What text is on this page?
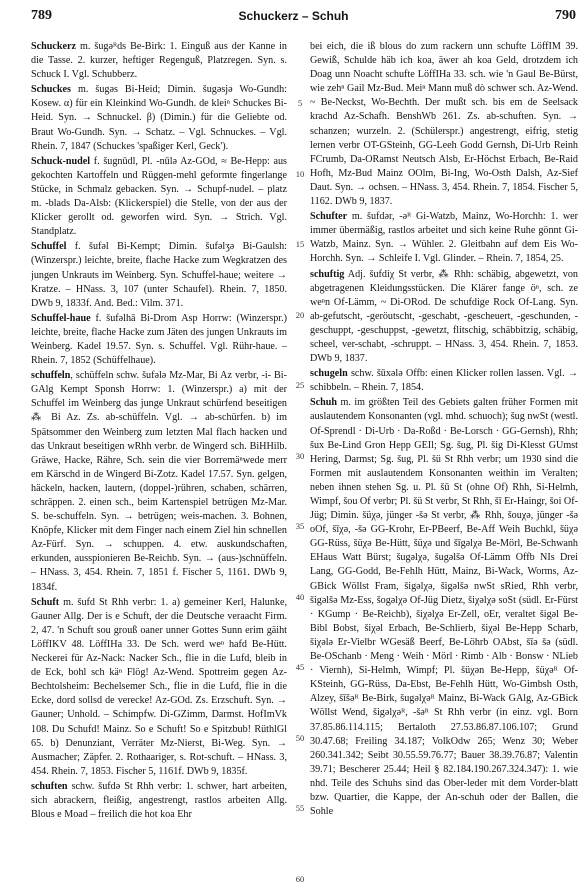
789	Schuckerz – Schuh	790

Schuckerz m. šugəᴿds Be-Birk: 1. Einguß aus der Kanne in die Tasse. 2. kurzer, heftiger Regenguß, Platzregen. Syn. s. Schuck I. Vgl. Schubberz.

Schuckes m. šugəs Bi-Heid; Dimin. šugəsjə Wo-Gundh: Kosew. α) für ein Kleinkind Wo-Gundh. de kleiⁿ Schuckes Bi-Heid. Syn. → Schnuckel. β) (Dimin.) für die Geliebte od. Braut Wo-Gundh. Syn. → Schatz. – Vgl. Schnuckes. – Vgl. Rhein. 7, 1847 (Schuckes 'spaßiger Kerl, Geck').

Schuck-nudel f. šugnūdl, Pl. -nūlə Az-GOd, ≈ Be-Hepp: aus gekochten Kartoffeln und Rüggen-mehl geformte fingerlange Stücke, in Schmalz gebacken. Syn. → Schupf-nudel. – platz m. -blads Da-Alsb: (Klickerspiel) die Stelle, von der aus der Klicker gerollt od. geworfen wird. Syn. → Strich. Vgl. Standplatz.

Schuffel f. šufəl Bi-Kempt; Dimin. šufəlʒə Bi-Gaulsh: (Winzerspr.) leichte, breite, flache Hacke zum Wegkratzen des jungen Unkrauts im Weinberg. Syn. Schuffel-haue; weitere → Kratze. – HNass. 3, 107 (unter Schaufel). Rhein. 7, 1850. DWb 9, 1833f. And. Bed.: Vilm. 371.

Schuffel-haue f. šufəlhā Bi-Drom Asp Horrw: (Winzerspr.) leichte, breite, flache Hacke zum Jäten des jungen Unkrauts im Weinberg. Kadel 19.57. Syn. s. Schuffel. Vgl. Rühr-haue. – Rhein. 7, 1852 (Schüffelhaue).

schuffeln, schüffeln schw. šufələ Mz-Mar, Bi Az verbr, -i- Bi-GAlg Kempt Sponsh Horrw: 1. (Winzerspr.) a) mit der Schuffel im Weinberg das junge Unkraut schürfend beseitigen ⁂ Bi Az. Zs. ab-schüffeln. Vgl. → ab-schürfen. b) im Spätsommer den Weinberg zum letzten Mal flach hacken und das Unkraut beseitigen wRhh verbr. de Wingerd sch. BiHHilb. Gräwe, Hacke, Rähre, Sch. sein die vier Borremäⁿwede merr em Kärschd in de Wingerd Bi-Zotz. Kadel 17.57. Syn. gelgen, häckeln, hacken, lautern, (doppel-)rühren, schaben, schärren, schräppen. 2. einen sch., beim Kartenspiel betrügen Mz-Mar. S. be-schuffeln. Syn. → betrügen; weis-machen. 3. Bohnen, Knöpfe, Klicker mit dem Finger nach einem Ziel hin schnellen Az-Fürf. Syn. → schuppen. 4. etw. auskundschaften, erkunden, ausspionieren Be-Reichb. Syn. → (aus-)schnüffeln. – HNass. 3, 454. Rhein. 7, 1851 f. Fischer 5, 1161. DWb 9, 1834f.

Schuft m. šufd St Rhh verbr: 1. a) gemeiner Kerl, Halunke, Gauner Allg. Der is e Schuft, der die Deutsche veraacht Firm. 2, 47. 'n Schuft sou grouß oaner unner Gottes Sunn erim gäiht LöffIKV 48. LöffIHa 33. De Sch. werd weⁿ hafd Be-Hütt. Neckerei für Az-Nack: Nacker Sch., flie in die Lufd, bleib in de Eck, bohl sch käⁿ Flög! Az-Wend. Spottreim gegen Az-Bechtolsheim: Bechelsemer Sch., flie in die Lufd, flie in die Ecke, dord sollsd de verecke! Az-GOd. Zs. Erzschuft. Syn. → Gauner; Unhold. – Schimpfw. Di-GZimm, Darmst. HofImVk 108. Du Schufd! Mainz. So e Schuft! So e Spitzbub! RüthlGl 65. b) Denunziant, Verräter Mz-Nierst, Bi-Weg. Syn. → Ausmacher; Zäpfer. 2. Rothaariger, s. Rot-schuft. – HNass. 3, 454. Rhein. 7, 1853. Fischer 5, 1161f. DWb 9, 1835f.

schuften schw. šufdə St Rhh verbr: 1. schwer, hart arbeiten, sich abrackern, fleißig, angestrengt, rastlos arbeiten Allg. Blous e Moad – freilich die hot koa Ehr

bei eich, die iß blous do zum rackern unn schufte LöffIM 39. Gewiß, Schulde häb ich koa, äwer ah koa Geld, drotzdem ich Doag unn Noacht schufte LöffIHa 33. sch. wie 'n Gaul Be-Bürst, wie zehⁿ Gail Mz-Bud. Meiⁿ Mann muß dò schwer sch. Az-Wend. ~ Be-Neckst, Wo-Bechth. Der mußt sch. bis em de Seelsack krachd Az-Schafh. BenshWb 261. Zs. ab-schuften. Syn. → schanzen; wurzeln. 2. (Schülerspr.) angestrengt, eifrig, stetig lernen verbr OT-GSteinh, GG-Leeh Godd Gernsh, Di-Urb Reinh FCrumb, Da-ORamst Neutsch Alsb, Er-Höchst Erbach, Be-Raid Hofh, Mz-Bud Mainz OOlm, Bi-Ing, Wo-Osth Dalsh, Az-Sief Daut. Syn. → ochsen. – HNass. 3, 454. Rhein. 7, 1854. Fischer 5, 1162. DWb 9, 1837.

Schufter m. šufdər, -əᴿ Gi-Watzb, Mainz, Wo-Horchh: 1. wer immer übermäßig, rastlos arbeitet und sich keine Ruhe gönnt Gi-Watzb, Mainz. Syn. → Wühler. 2. Gleitbahn auf dem Eis Wo-Horchh. Syn. → Schleife I. Vgl. Glinder. – Rhein. 7, 1854, 25.

schuftig Adj. šufdiχ St verbr, ⁂ Rhh: schäbig, abgewetzt, von abgetragenen Kleidungsstücken. Die Klärer fange öⁿ, sch. ze weⁿn Of-Lämm, ~ Di-ORod. De schufdige Rock Of-Lang. Syn. ab-gefutscht, -geröutscht, -geschabt, -gescheuert, -geschunden, -geschuppt, -geschuppst, -gewetzt, flitschig, schäbbitzig, schäbig, scheel, ver-schabt, -schruppt. – HNass. 3, 454. Rhein. 7, 1853. DWb 9, 1837.

schugeln schw. šūxələ Offb: einen Klicker rollen lassen. Vgl. → schibbeln. – Rhein. 7, 1854.

Schuh m. im größten Teil des Gebiets galten früher Formen mit auslautendem Konsonanten (vgl. mhd. schuoch); šug nwSt (westl. Of-Sprendl · Di-Urb · Da-Roßd · Be-Lorsch · GG-Gernsh), Rhh; šux Be-Lind Gron Hepp GEIl; Sg. šug, Pl. šig Di-Klesst GUmst Hering, Darmst; Sg. šug, Pl. šü St Rhh verbr; um 1930 sind die Formen mit auslautendem Konsonanten weithin im Veralten; neben ihnen stehen Sg. u. Pl. šū St (ohne Of) Rhh, Si-Helmh, Wimpf, šou Of verbr; Pl. šü St verbr, St Rhh, šī Er-Haingr, šoi Of-Jüg; Dimin. šüχə, jünger -šə St verbr, ⁂ Rhh, šouχə, jünger -šə oOf, šīχə, -šə GG-Krohr, Er-PBeerf, Be-Aff Weih Buchkl, šüχə GG-Rüss, šüχə Be-Hütt, šüχə und šīgəlχə Be-Mörl, Be-Schwanh EHaus Watt Bürst; šugəlχə, šugəlšə Of-Lämm Offb NIs Drei Lang, GG-Godd, Be-Fehlh Hütt, Mainz, Bi-Wack, Worms, Az-GBick Wöllst Fram, šigəlχə, šigəlšə nwSt sRied, Rhh verbr, šigəlšə Mz-Ess, šogəlχə Of-Jüg Dietz, šiχəlχə soSt (südl. Er-Fürst · KGump · Be-Reichb), šiχəlχə Er-Zell, oEr, veraltet šigəl Be-Bibl Bobst, šiχəl Erbach, Be-Schlierb, šiχəl Be-Hepp Scharb, šiχələ Er-Vielbr WGesäß Beerf, Be-Löhrb OAbst, šīə šə (südl. Be-OSchanb · Meng · Weih · Mörl · Rimb · Alb · Bonsw · NLieb · Viernh), Si-Helmh, Wimpf; Pl. šüχən Be-Hepp, šüχəᴿ Of-KSteinh, GG-Rüss, Da-Ebst, Be-Fehlh Hütt, Wo-Gimbsh Osth, Alzey, šīšəᴿ Be-Birk, šugəlχəᴿ Mainz, Bi-Wack GAlg, Az-GBick Wöllst Wend, šigəlχəᴿ, -šəᴿ St Rhh verbr (in einz. vgl. Born 37.85.86.114.115; Bertaloth 27.53.86.87.106.107; Grund 30.47.68; Freiling 34.187; VolkOdw 265; Wenz 30; Weber 260.341.342; Seibt 30.55.59.76.77; Bauer 38.39.76.87; Valentin 39.71; Bescherer 25.44; Heil § 82.184.190.267.324.347): 1. wie nhd. Teile des Schuhs sind das Ober-leder mit dem Vorder-blatt bzw. Quartier, die Kappe, der An-schuh oder der Ballen, die Sohle

5
10
15
20
25
30
35
40
45
50
55
60
